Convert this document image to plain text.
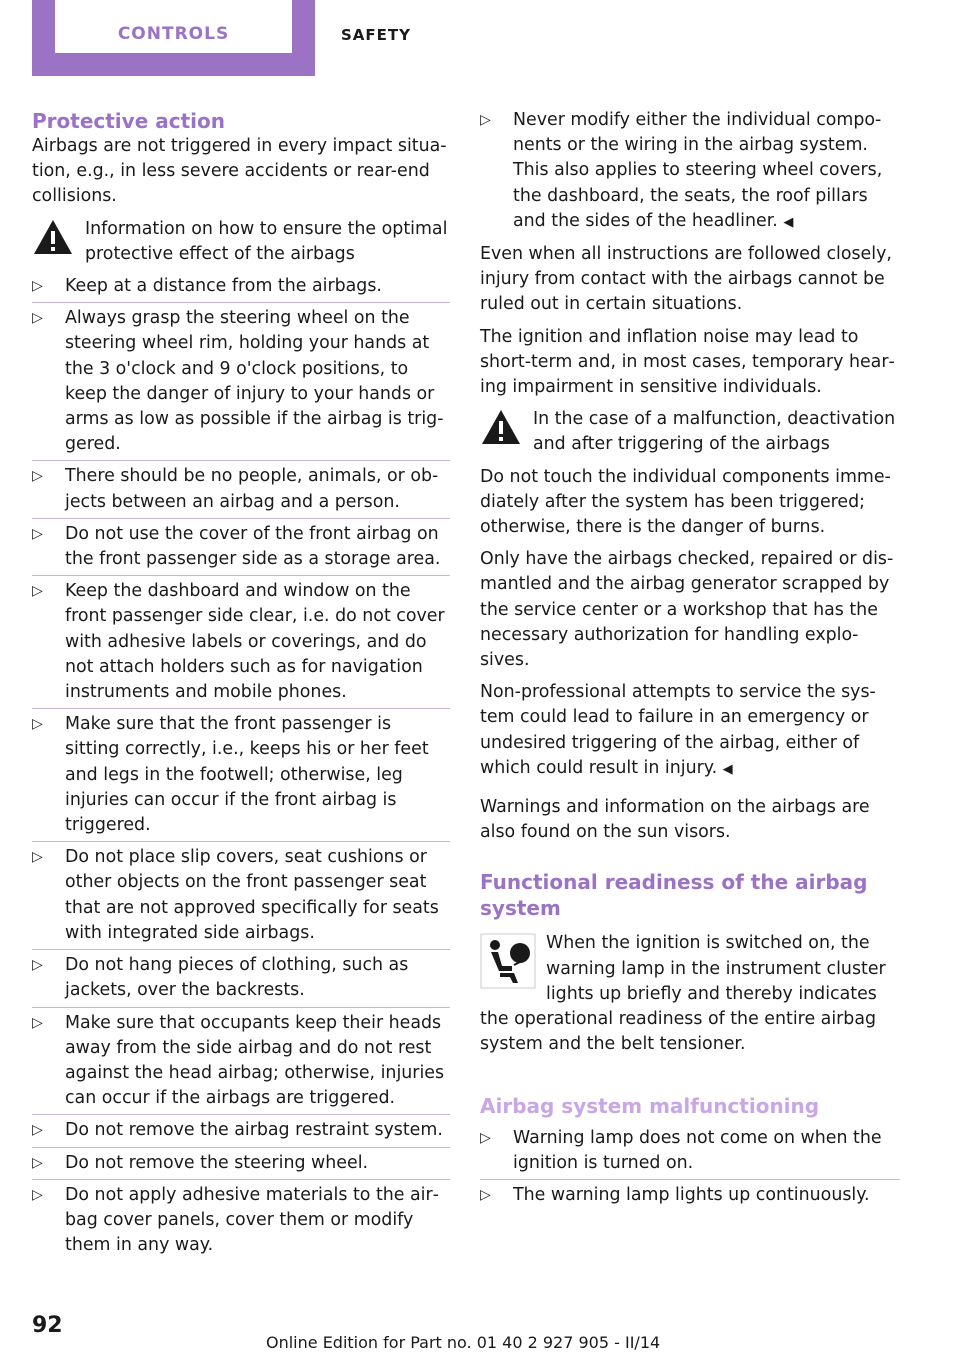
CONTROLS	SAFETY
Protective action

Airbags are not triggered in every impact situation, e.g., in less severe accidents or rear-end collisions.

Information on how to ensure the optimal protective effect of the airbags

▷ Keep at a distance from the airbags.
▷ Always grasp the steering wheel on the steering wheel rim, holding your hands at the 3 o'clock and 9 o'clock positions, to keep the danger of injury to your hands or arms as low as possible if the airbag is triggered.
▷ There should be no people, animals, or objects between an airbag and a person.
▷ Do not use the cover of the front airbag on the front passenger side as a storage area.
▷ Keep the dashboard and window on the front passenger side clear, i.e. do not cover with adhesive labels or coverings, and do not attach holders such as for navigation instruments and mobile phones.
▷ Make sure that the front passenger is sitting correctly, i.e., keeps his or her feet and legs in the footwell; otherwise, leg injuries can occur if the front airbag is triggered.
▷ Do not place slip covers, seat cushions or other objects on the front passenger seat that are not approved specifically for seats with integrated side airbags.
▷ Do not hang pieces of clothing, such as jackets, over the backrests.
▷ Make sure that occupants keep their heads away from the side airbag and do not rest against the head airbag; otherwise, injuries can occur if the airbags are triggered.
▷ Do not remove the airbag restraint system.
▷ Do not remove the steering wheel.
▷ Do not apply adhesive materials to the airbag cover panels, cover them or modify them in any way.
▷ Never modify either the individual components or the wiring in the airbag system. This also applies to steering wheel covers, the dashboard, the seats, the roof pillars and the sides of the headliner. ◀

Even when all instructions are followed closely, injury from contact with the airbags cannot be ruled out in certain situations.

The ignition and inflation noise may lead to short-term and, in most cases, temporary hearing impairment in sensitive individuals.

In the case of a malfunction, deactivation and after triggering of the airbags

Do not touch the individual components immediately after the system has been triggered; otherwise, there is the danger of burns.

Only have the airbags checked, repaired or dismantled and the airbag generator scrapped by the service center or a workshop that has the necessary authorization for handling explosives.

Non-professional attempts to service the system could lead to failure in an emergency or undesired triggering of the airbag, either of which could result in injury. ◀

Warnings and information on the airbags are also found on the sun visors.

Functional readiness of the airbag system

When the ignition is switched on, the warning lamp in the instrument cluster lights up briefly and thereby indicates the operational readiness of the entire airbag system and the belt tensioner.

Airbag system malfunctioning
▷ Warning lamp does not come on when the ignition is turned on.
▷ The warning lamp lights up continuously.
92
Online Edition for Part no. 01 40 2 927 905 - II/14
